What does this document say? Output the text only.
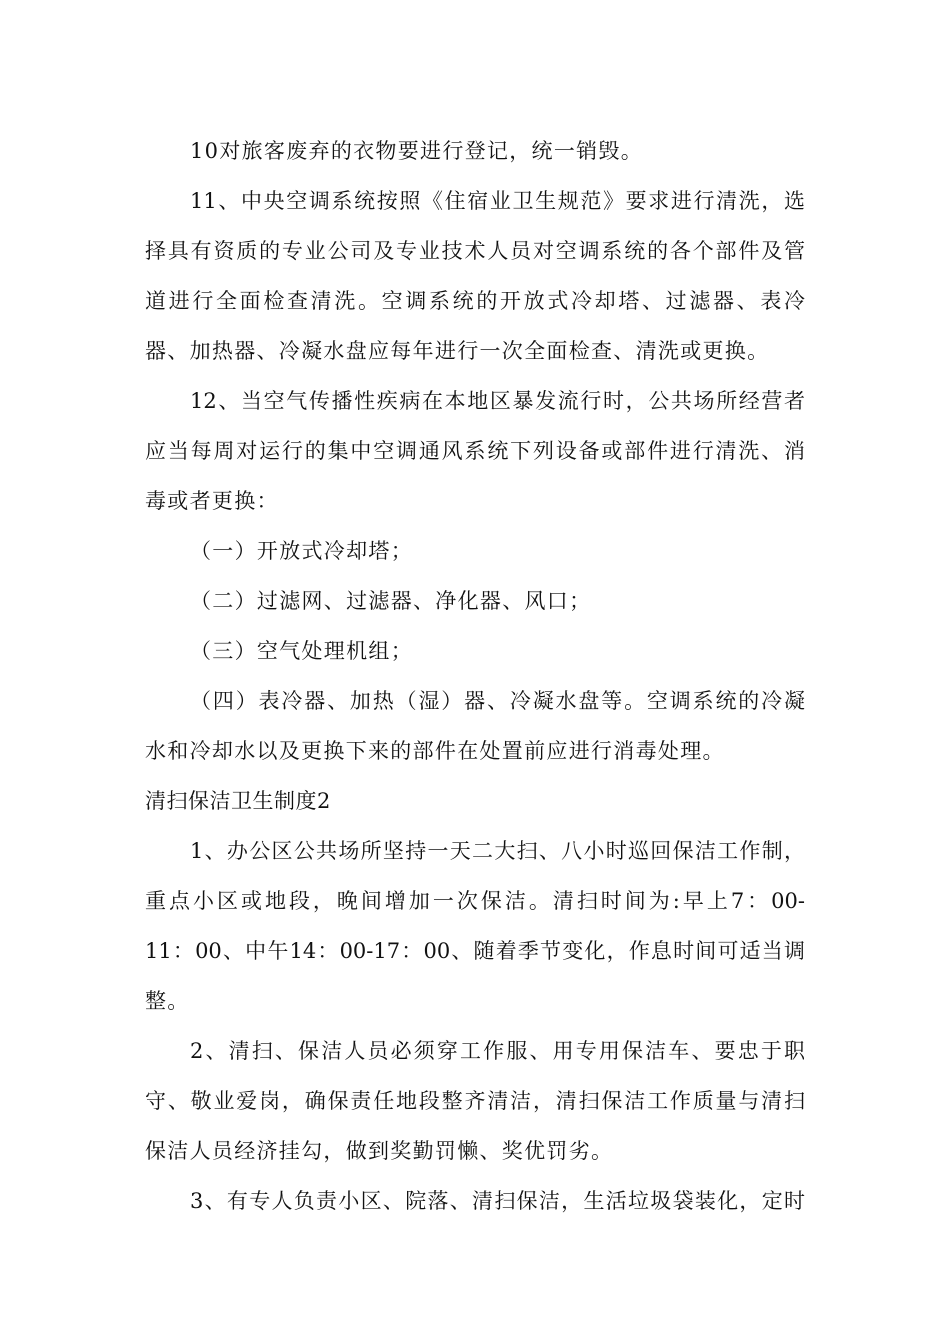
10对旅客废弃的衣物要进行登记，统一销毁。
11、中央空调系统按照《住宿业卫生规范》要求进行清洗，选
择具有资质的专业公司及专业技术人员对空调系统的各个部件及管
道进行全面检查清洗。空调系统的开放式冷却塔、过滤器、表冷
器、加热器、冷凝水盘应每年进行一次全面检查、清洗或更换。
12、当空气传播性疾病在本地区暴发流行时，公共场所经营者
应当每周对运行的集中空调通风系统下列设备或部件进行清洗、消
毒或者更换：
（一）开放式冷却塔；
（二）过滤网、过滤器、净化器、风口；
（三）空气处理机组；
（四）表冷器、加热（湿）器、冷凝水盘等。空调系统的冷凝
水和冷却水以及更换下来的部件在处置前应进行消毒处理。
清扫保洁卫生制度2
1、办公区公共场所坚持一天二大扫、八小时巡回保洁工作制，
重点小区或地段，晚间增加一次保洁。清扫时间为:早上7：00-
11：00、中午14：00-17：00、随着季节变化，作息时间可适当调
整。
2、清扫、保洁人员必须穿工作服、用专用保洁车、要忠于职
守、敬业爱岗，确保责任地段整齐清洁，清扫保洁工作质量与清扫
保洁人员经济挂勾，做到奖勤罚懒、奖优罚劣。
3、有专人负责小区、院落、清扫保洁，生活垃圾袋装化，定时
